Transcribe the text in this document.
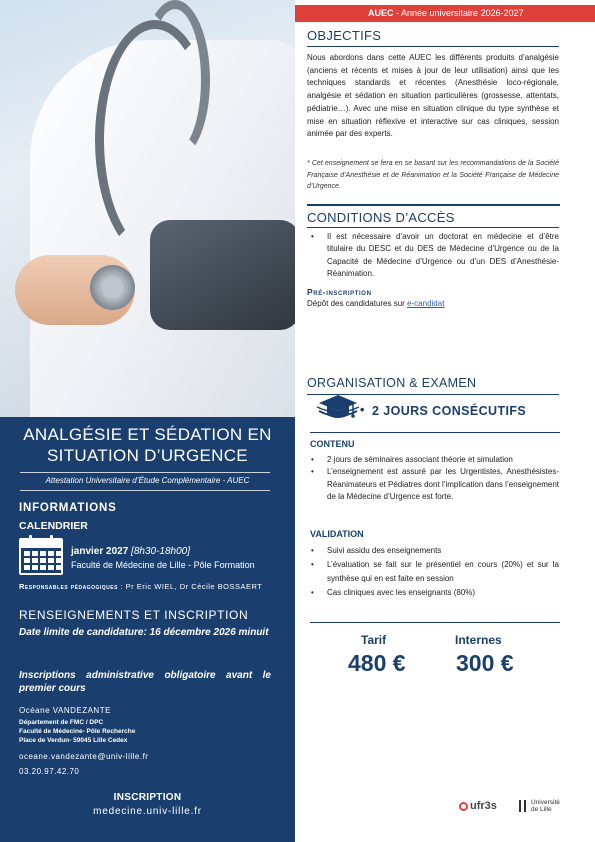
AUEC - Année universitaire 2026-2027
OBJECTIFS
Nous abordons dans cette AUEC les différents produits d’analgésie (anciens et récents et mises à jour de leur utilisation) ainsi que les techniques standards et récentes (Anesthésie loco-régionale, analgésie et sédation en situation particulières (grossesse, attentats, pédiatrie…). Avec une mise en situation clinique du type synthèse et mise en situation réflexive et interactive sur cas cliniques, session animée par des experts.
* Cet enseignement se fera en se basant sur les recommandations de la Société Française d’Anesthésie et de Réanimation et la Société Française de Médecine d’Urgence.
CONDITIONS D’ACCÈS
• Il est nécessaire d’avoir un doctorat en médecine et d’être titulaire du DESC et du DES de Médecine d’Urgence ou de la Capacité de Médecine d’Urgence ou d’un DES d’Anesthésie-Réanimation.
Pré-inscription
Dépôt des candidatures sur e-candidat
ORGANISATION & EXAMEN
• 2 JOURS CONSÉCUTIFS
CONTENU
• 2 jours de séminaires associant théorie et simulation
• L’enseignement est assuré par les Urgentistes, Anesthésistes-Réanimateurs et Pédiatres dont l’implication dans l’enseignement de la Médecine d’Urgence est forte.
VALIDATION
• Suivi assidu des enseignements
• L’évaluation se fait sur le présentiel en cours (20%) et sur la synthèse qui en est faite en session
• Cas cliniques avec les enseignants (80%)
Tarif
480 €
Internes
300 €
ufr3s	Université
de Lille
ANALGÉSIE ET SÉDATION EN
SITUATION D’URGENCE
Attestation Universitaire d’Étude Complémentaire - AUEC
INFORMATIONS
CALENDRIER
janvier 2027 [8h30-18h00]
Faculté de Médecine de Lille - Pôle Formation
Responsables pédagogiques : Pr Eric WIEL, Dr Cécile BOSSAERT
RENSEIGNEMENTS ET INSCRIPTION
Date limite de candidature: 16 décembre 2026 minuit
Inscriptions administrative obligatoire avant le premier cours
Océane VANDEZANTE
Département de FMC / DPC
Faculté de Médecine- Pôle Recherche
Place de Verdun- 59045 Lille Cedex
oceane.vandezante@univ-lille.fr
03.20.97.42.70
INSCRIPTION
medecine.univ-lille.fr
